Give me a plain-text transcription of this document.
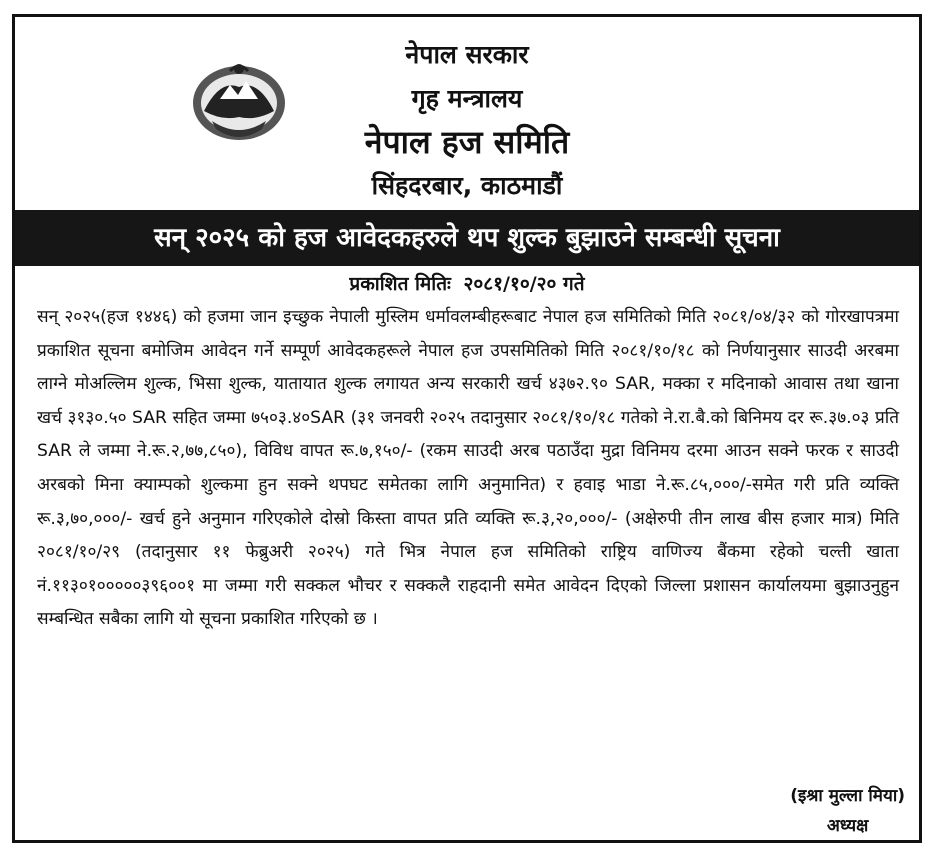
नेपाल सरकार

गृह मन्त्रालय

नेपाल हज समिति

सिंहदरबार, काठमाडौं

सन् २०२५ को हज आवेदकहरुले थप शुल्क बुझाउने सम्बन्धी सूचना
प्रकाशित मितिः २०८१/१०/२० गते

सन् २०२५(हज १४४६) को हजमा जान इच्छुक नेपाली मुस्लिम धर्मावलम्बीहरूबाट नेपाल हज समितिको मिति २०८१/०४/३२ को गोरखापत्रमा प्रकाशित सूचना बमोजिम आवेदन गर्ने सम्पूर्ण आवेदकहरूले नेपाल हज उपसमितिको मिति २०८१/१०/१८ को निर्णयानुसार साउदी अरबमा लाग्ने मोअल्लिम शुल्क, भिसा शुल्क, यातायात शुल्क लगायत अन्य सरकारी खर्च ४३७२.९० SAR, मक्का र मदिनाको आवास तथा खाना खर्च ३१३०.५० SAR सहित जम्मा ७५०३.४०SAR (३१ जनवरी २०२५ तदानुसार २०८१/१०/१८ गतेको ने.रा.बै.को बिनिमय दर रू.३७.०३ प्रति SAR ले जम्मा ने.रू.२,७७,८५०), विविध वापत रू.७,१५०/- (रकम साउदी अरब पठाउँदा मुद्रा विनिमय दरमा आउन सक्ने फरक र साउदी अरबको मिना क्याम्पको शुल्कमा हुन सक्ने थपघट समेतका लागि अनुमानित) र हवाइ भाडा ने.रू.८५,०००/-समेत गरी प्रति व्यक्ति रू.३,७०,०००/- खर्च हुने अनुमान गरिएकोले दोस्रो किस्ता वापत प्रति व्यक्ति रू.३,२०,०००/- (अक्षेरुपी तीन लाख बीस हजार मात्र) मिति २०८१/१०/२९ (तदानुसार ११ फेब्रुअरी २०२५) गते भित्र नेपाल हज समितिको राष्ट्रिय वाणिज्य बैंकमा रहेको चल्ती खाता नं.११३०१०००००३९६००१ मा जम्मा गरी सक्कल भौचर र सक्कलै राहदानी समेत आवेदन दिएको जिल्ला प्रशासन कार्यालयमा बुझाउनुहुन सम्बन्धित सबैका लागि यो सूचना प्रकाशित गरिएको छ ।

(इश्रा मुल्ला मिया)
अध्यक्ष
